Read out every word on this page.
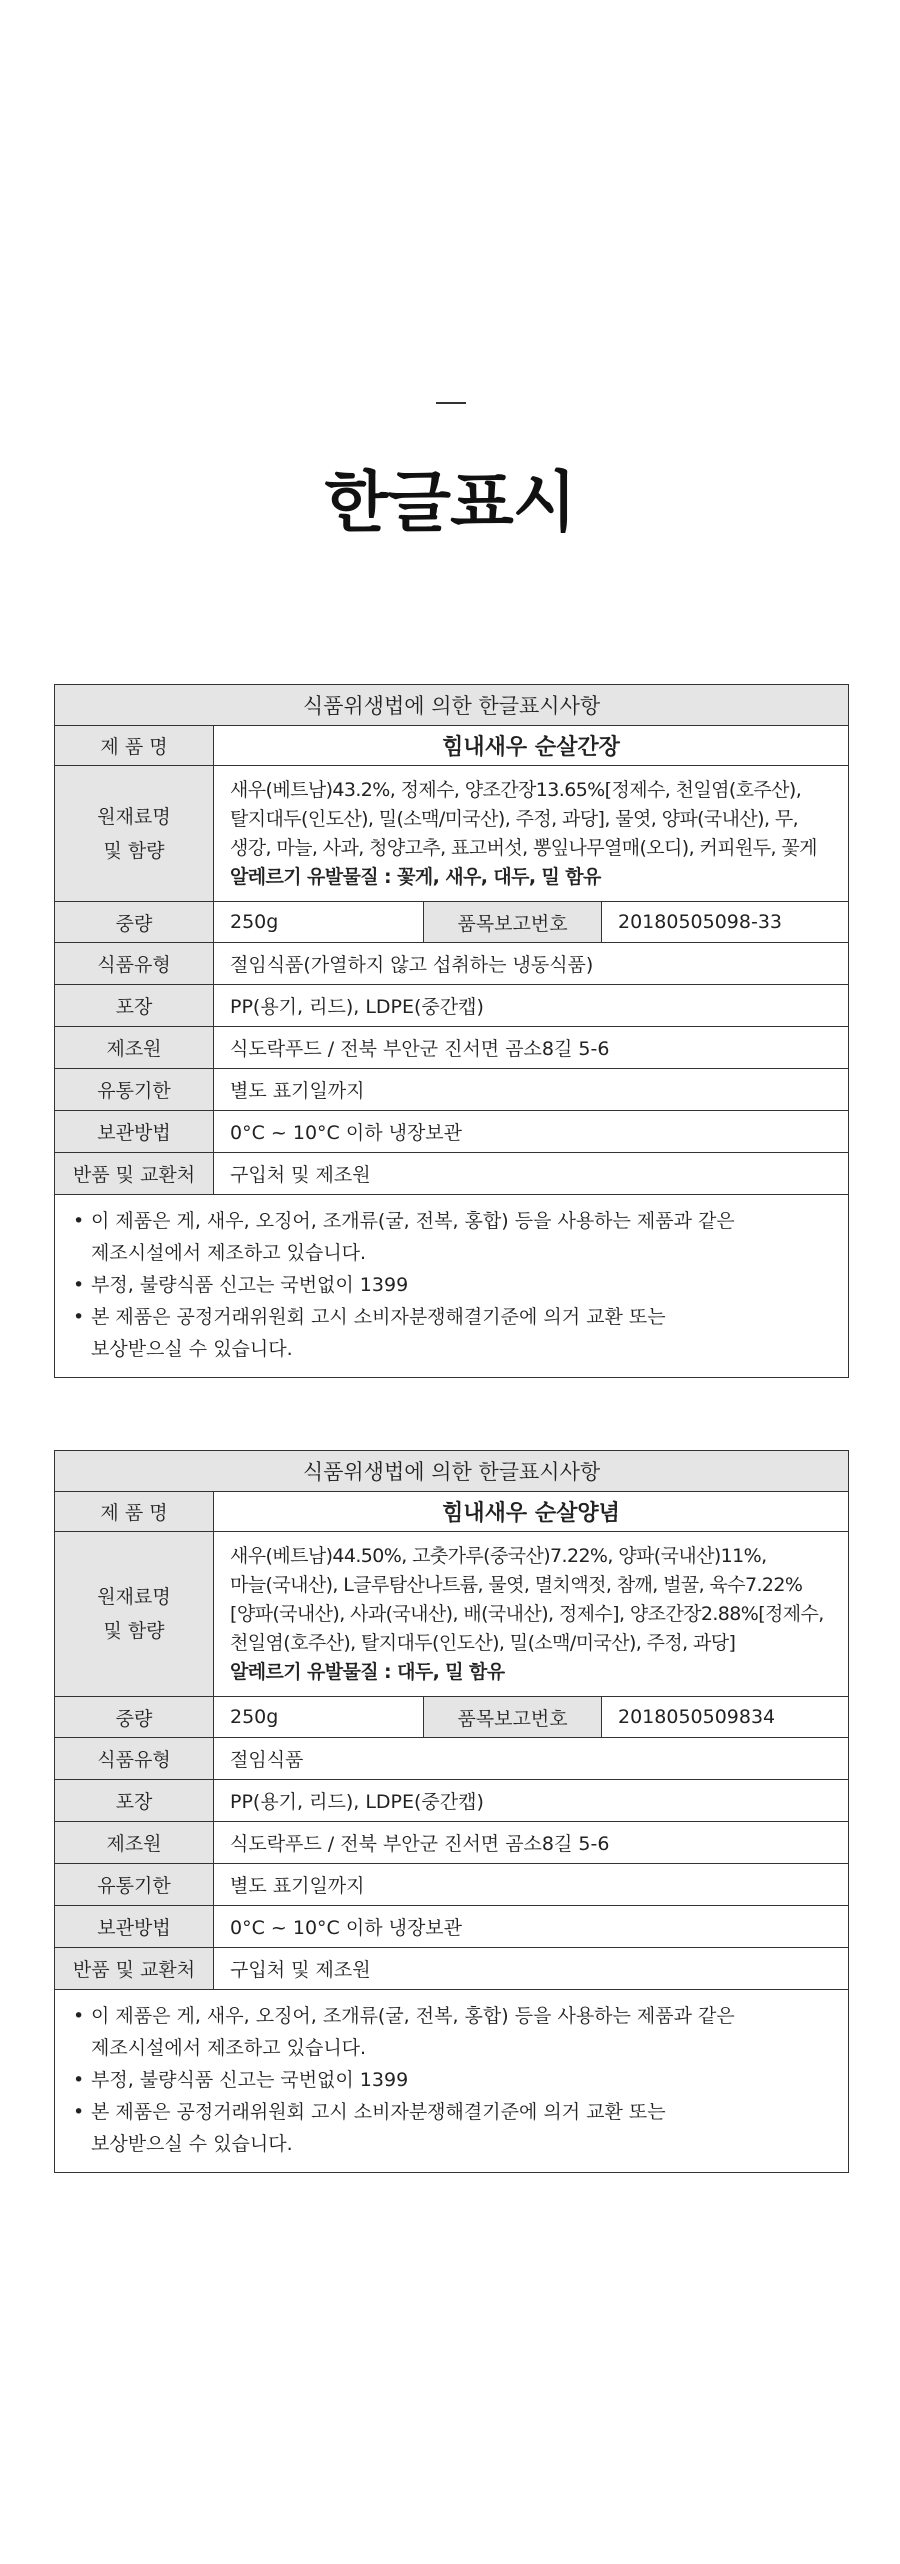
한글표시
식품위생법에 의한 한글표시사항			
제 품 명	힘내새우 순살간장		
원재료명
및 함량	새우(베트남)43.2%, 정제수, 양조간장13.65%[정제수, 천일염(호주산),
탈지대두(인도산), 밀(소맥/미국산), 주정, 과당], 물엿, 양파(국내산), 무,
생강, 마늘, 사과, 청양고추, 표고버섯, 뽕잎나무열매(오디), 커피원두, 꽃게
알레르기 유발물질 : 꽃게, 새우, 대두, 밀 함유		
중량	250g	품목보고번호	20180505098-33
식품유형	절임식품(가열하지 않고 섭취하는 냉동식품)		
포장	PP(용기, 리드), LDPE(중간캡)		
제조원	식도락푸드 / 전북 부안군 진서면 곰소8길 5-6		
유통기한	별도 표기일까지		
보관방법	0°C ~ 10°C 이하 냉장보관		
반품 및 교환처	구입처 및 제조원		

• 이 제품은 게, 새우, 오징어, 조개류(굴, 전복, 홍합) 등을 사용하는 제품과 같은
제조시설에서 제조하고 있습니다.
• 부정, 불량식품 신고는 국번없이 1399
• 본 제품은 공정거래위원회 고시 소비자분쟁해결기준에 의거 교환 또는
보상받으실 수 있습니다.
식품위생법에 의한 한글표시사항			
제 품 명	힘내새우 순살양념		
원재료명
및 함량	새우(베트남)44.50%, 고춧가루(중국산)7.22%, 양파(국내산)11%,
마늘(국내산), L글루탐산나트륨, 물엿, 멸치액젓, 참깨, 벌꿀, 육수7.22%
[양파(국내산), 사과(국내산), 배(국내산), 정제수], 양조간장2.88%[정제수,
천일염(호주산), 탈지대두(인도산), 밀(소맥/미국산), 주정, 과당]
알레르기 유발물질 : 대두, 밀 함유		
중량	250g	품목보고번호	2018050509834
식품유형	절임식품		
포장	PP(용기, 리드), LDPE(중간캡)		
제조원	식도락푸드 / 전북 부안군 진서면 곰소8길 5-6		
유통기한	별도 표기일까지		
보관방법	0°C ~ 10°C 이하 냉장보관		
반품 및 교환처	구입처 및 제조원		

• 이 제품은 게, 새우, 오징어, 조개류(굴, 전복, 홍합) 등을 사용하는 제품과 같은
제조시설에서 제조하고 있습니다.
• 부정, 불량식품 신고는 국번없이 1399
• 본 제품은 공정거래위원회 고시 소비자분쟁해결기준에 의거 교환 또는
보상받으실 수 있습니다.
